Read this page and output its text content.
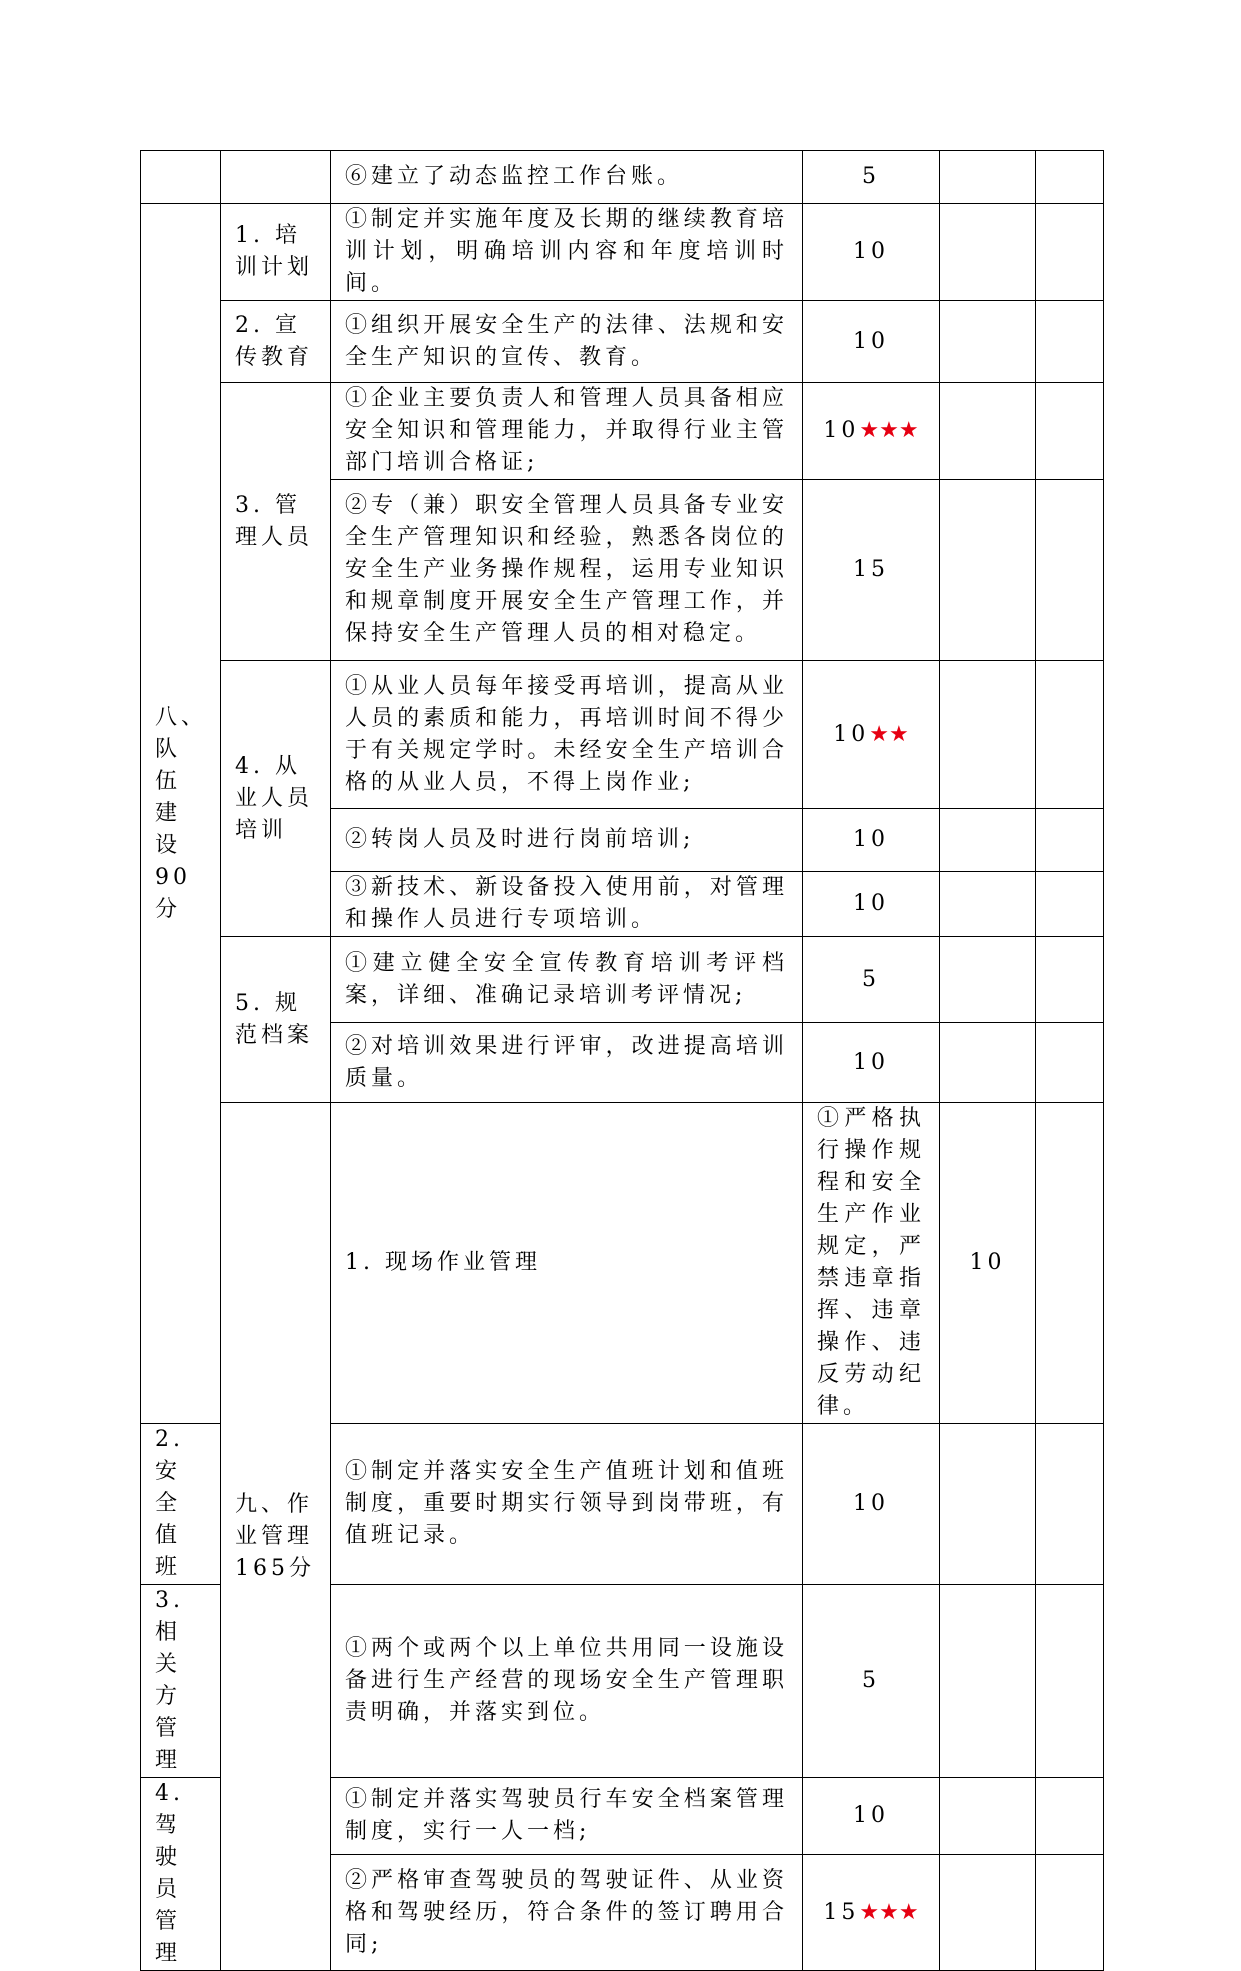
		⑥建立了动态监控工作台账。	5			
八、队伍建设90分	1. 培训计划	①制定并实施年度及长期的继续教育培训计划，明确培训内容和年度培训时间。	10			
	2. 宣传教育	①组织开展安全生产的法律、法规和安全生产知识的宣传、教育。	10			
	3. 管理人员	①企业主要负责人和管理人员具备相应安全知识和管理能力，并取得行业主管部门培训合格证;	10★★★			
		②专（兼）职安全管理人员具备专业安全生产管理知识和经验，熟悉各岗位的安全生产业务操作规程，运用专业知识和规章制度开展安全生产管理工作，并保持安全生产管理人员的相对稳定。	15			
	4. 从业人员培训	①从业人员每年接受再培训，提高从业人员的素质和能力，再培训时间不得少于有关规定学时。未经安全生产培训合格的从业人员，不得上岗作业;	10★★			
		②转岗人员及时进行岗前培训;	10			
		③新技术、新设备投入使用前，对管理和操作人员进行专项培训。	10			
	5. 规范档案	①建立健全安全宣传教育培训考评档案，详细、准确记录培训考评情况;	5			
		②对培训效果进行评审，改进提高培训质量。	10			
	九、作业管理165分	1. 现场作业管理	①严格执行操作规程和安全生产作业规定，严禁违章指挥、违章操作、违反劳动纪律。	10		
2. 安全值班		①制定并落实安全生产值班计划和值班制度，重要时期实行领导到岗带班，有值班记录。	10			
3. 相关方管理		①两个或两个以上单位共用同一设施设备进行生产经营的现场安全生产管理职责明确，并落实到位。	5			
4. 驾驶员管理		①制定并落实驾驶员行车安全档案管理制度，实行一人一档;	10			
		②严格审查驾驶员的驾驶证件、从业资格和驾驶经历，符合条件的签订聘用合同;	15★★★			
